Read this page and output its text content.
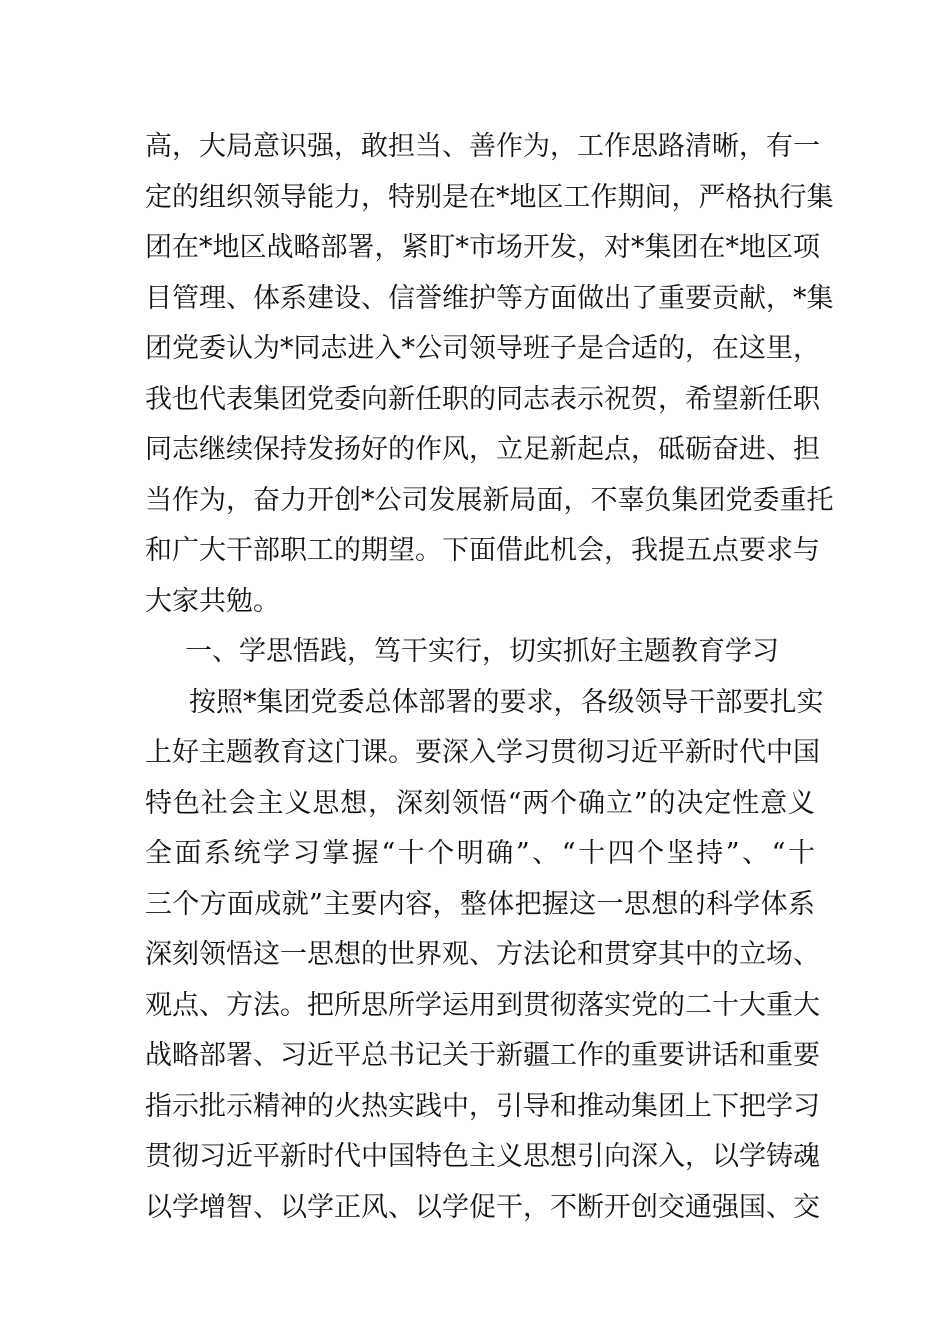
高，大局意识强，敢担当、善作为，工作思路清晰，有一
定的组织领导能力，特别是在*地区工作期间，严格执行集
团在*地区战略部署，紧盯*市场开发，对*集团在*地区项
目管理、体系建设、信誉维护等方面做出了重要贡献，*集
团党委认为*同志进入*公司领导班子是合适的，在这里，
我也代表集团党委向新任职的同志表示祝贺，希望新任职
同志继续保持发扬好的作风，立足新起点，砥砺奋进、担
当作为，奋力开创*公司发展新局面，不辜负集团党委重托
和广大干部职工的期望。下面借此机会，我提五点要求与
大家共勉。
一、学思悟践，笃干实行，切实抓好主题教育学习
按照*集团党委总体部署的要求，各级领导干部要扎实
上好主题教育这门课。要深入学习贯彻习近平新时代中国
特色社会主义思想，深刻领悟“两个确立”的决定性意义
全面系统学习掌握“十个明确”、“十四个坚持”、“十
三个方面成就”主要内容，整体把握这一思想的科学体系
深刻领悟这一思想的世界观、方法论和贯穿其中的立场、
观点、方法。把所思所学运用到贯彻落实党的二十大重大
战略部署、习近平总书记关于新疆工作的重要讲话和重要
指示批示精神的火热实践中，引导和推动集团上下把学习
贯彻习近平新时代中国特色主义思想引向深入，以学铸魂
以学增智、以学正风、以学促干，不断开创交通强国、交
